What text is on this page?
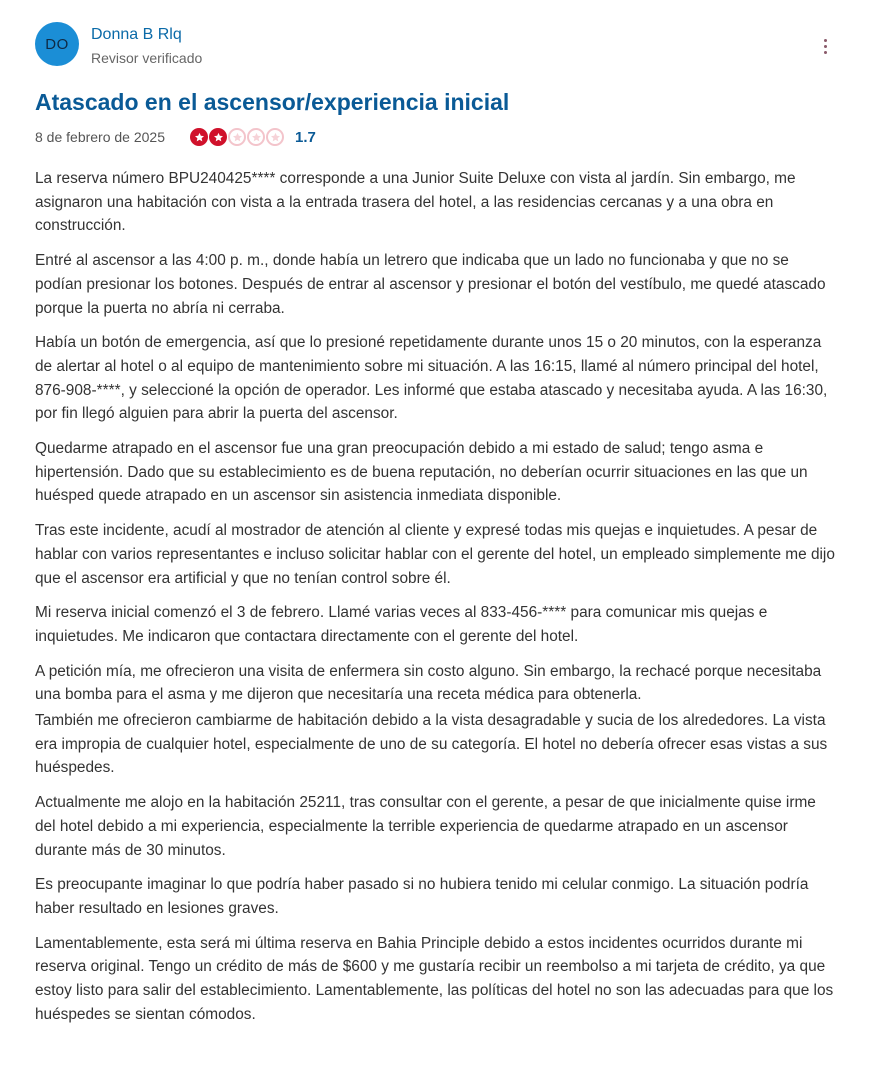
DO
Donna B Rlq
Revisor verificado
Atascado en el ascensor/experiencia inicial
8 de febrero de 2025	1.7

La reserva número BPU240425**** corresponde a una Junior Suite Deluxe con vista al jardín. Sin embargo, me asignaron una habitación con vista a la entrada trasera del hotel, a las residencias cercanas y a una obra en construcción.

Entré al ascensor a las 4:00 p. m., donde había un letrero que indicaba que un lado no funcionaba y que no se podían presionar los botones. Después de entrar al ascensor y presionar el botón del vestíbulo, me quedé atascado porque la puerta no abría ni cerraba.

Había un botón de emergencia, así que lo presioné repetidamente durante unos 15 o 20 minutos, con la esperanza de alertar al hotel o al equipo de mantenimiento sobre mi situación. A las 16:15, llamé al número principal del hotel, 876-908-****, y seleccioné la opción de operador. Les informé que estaba atascado y necesitaba ayuda. A las 16:30, por fin llegó alguien para abrir la puerta del ascensor.

Quedarme atrapado en el ascensor fue una gran preocupación debido a mi estado de salud; tengo asma e hipertensión. Dado que su establecimiento es de buena reputación, no deberían ocurrir situaciones en las que un huésped quede atrapado en un ascensor sin asistencia inmediata disponible.

Tras este incidente, acudí al mostrador de atención al cliente y expresé todas mis quejas e inquietudes. A pesar de hablar con varios representantes e incluso solicitar hablar con el gerente del hotel, un empleado simplemente me dijo que el ascensor era artificial y que no tenían control sobre él.

Mi reserva inicial comenzó el 3 de febrero. Llamé varias veces al 833-456-**** para comunicar mis quejas e inquietudes. Me indicaron que contactara directamente con el gerente del hotel.

A petición mía, me ofrecieron una visita de enfermera sin costo alguno. Sin embargo, la rechacé porque necesitaba una bomba para el asma y me dijeron que necesitaría una receta médica para obtenerla.

También me ofrecieron cambiarme de habitación debido a la vista desagradable y sucia de los alrededores. La vista era impropia de cualquier hotel, especialmente de uno de su categoría. El hotel no debería ofrecer esas vistas a sus huéspedes.

Actualmente me alojo en la habitación 25211, tras consultar con el gerente, a pesar de que inicialmente quise irme del hotel debido a mi experiencia, especialmente la terrible experiencia de quedarme atrapado en un ascensor durante más de 30 minutos.

Es preocupante imaginar lo que podría haber pasado si no hubiera tenido mi celular conmigo. La situación podría haber resultado en lesiones graves.

Lamentablemente, esta será mi última reserva en Bahia Principle debido a estos incidentes ocurridos durante mi reserva original. Tengo un crédito de más de $600 y me gustaría recibir un reembolso a mi tarjeta de crédito, ya que estoy listo para salir del establecimiento. Lamentablemente, las políticas del hotel no son las adecuadas para que los huéspedes se sientan cómodos.
